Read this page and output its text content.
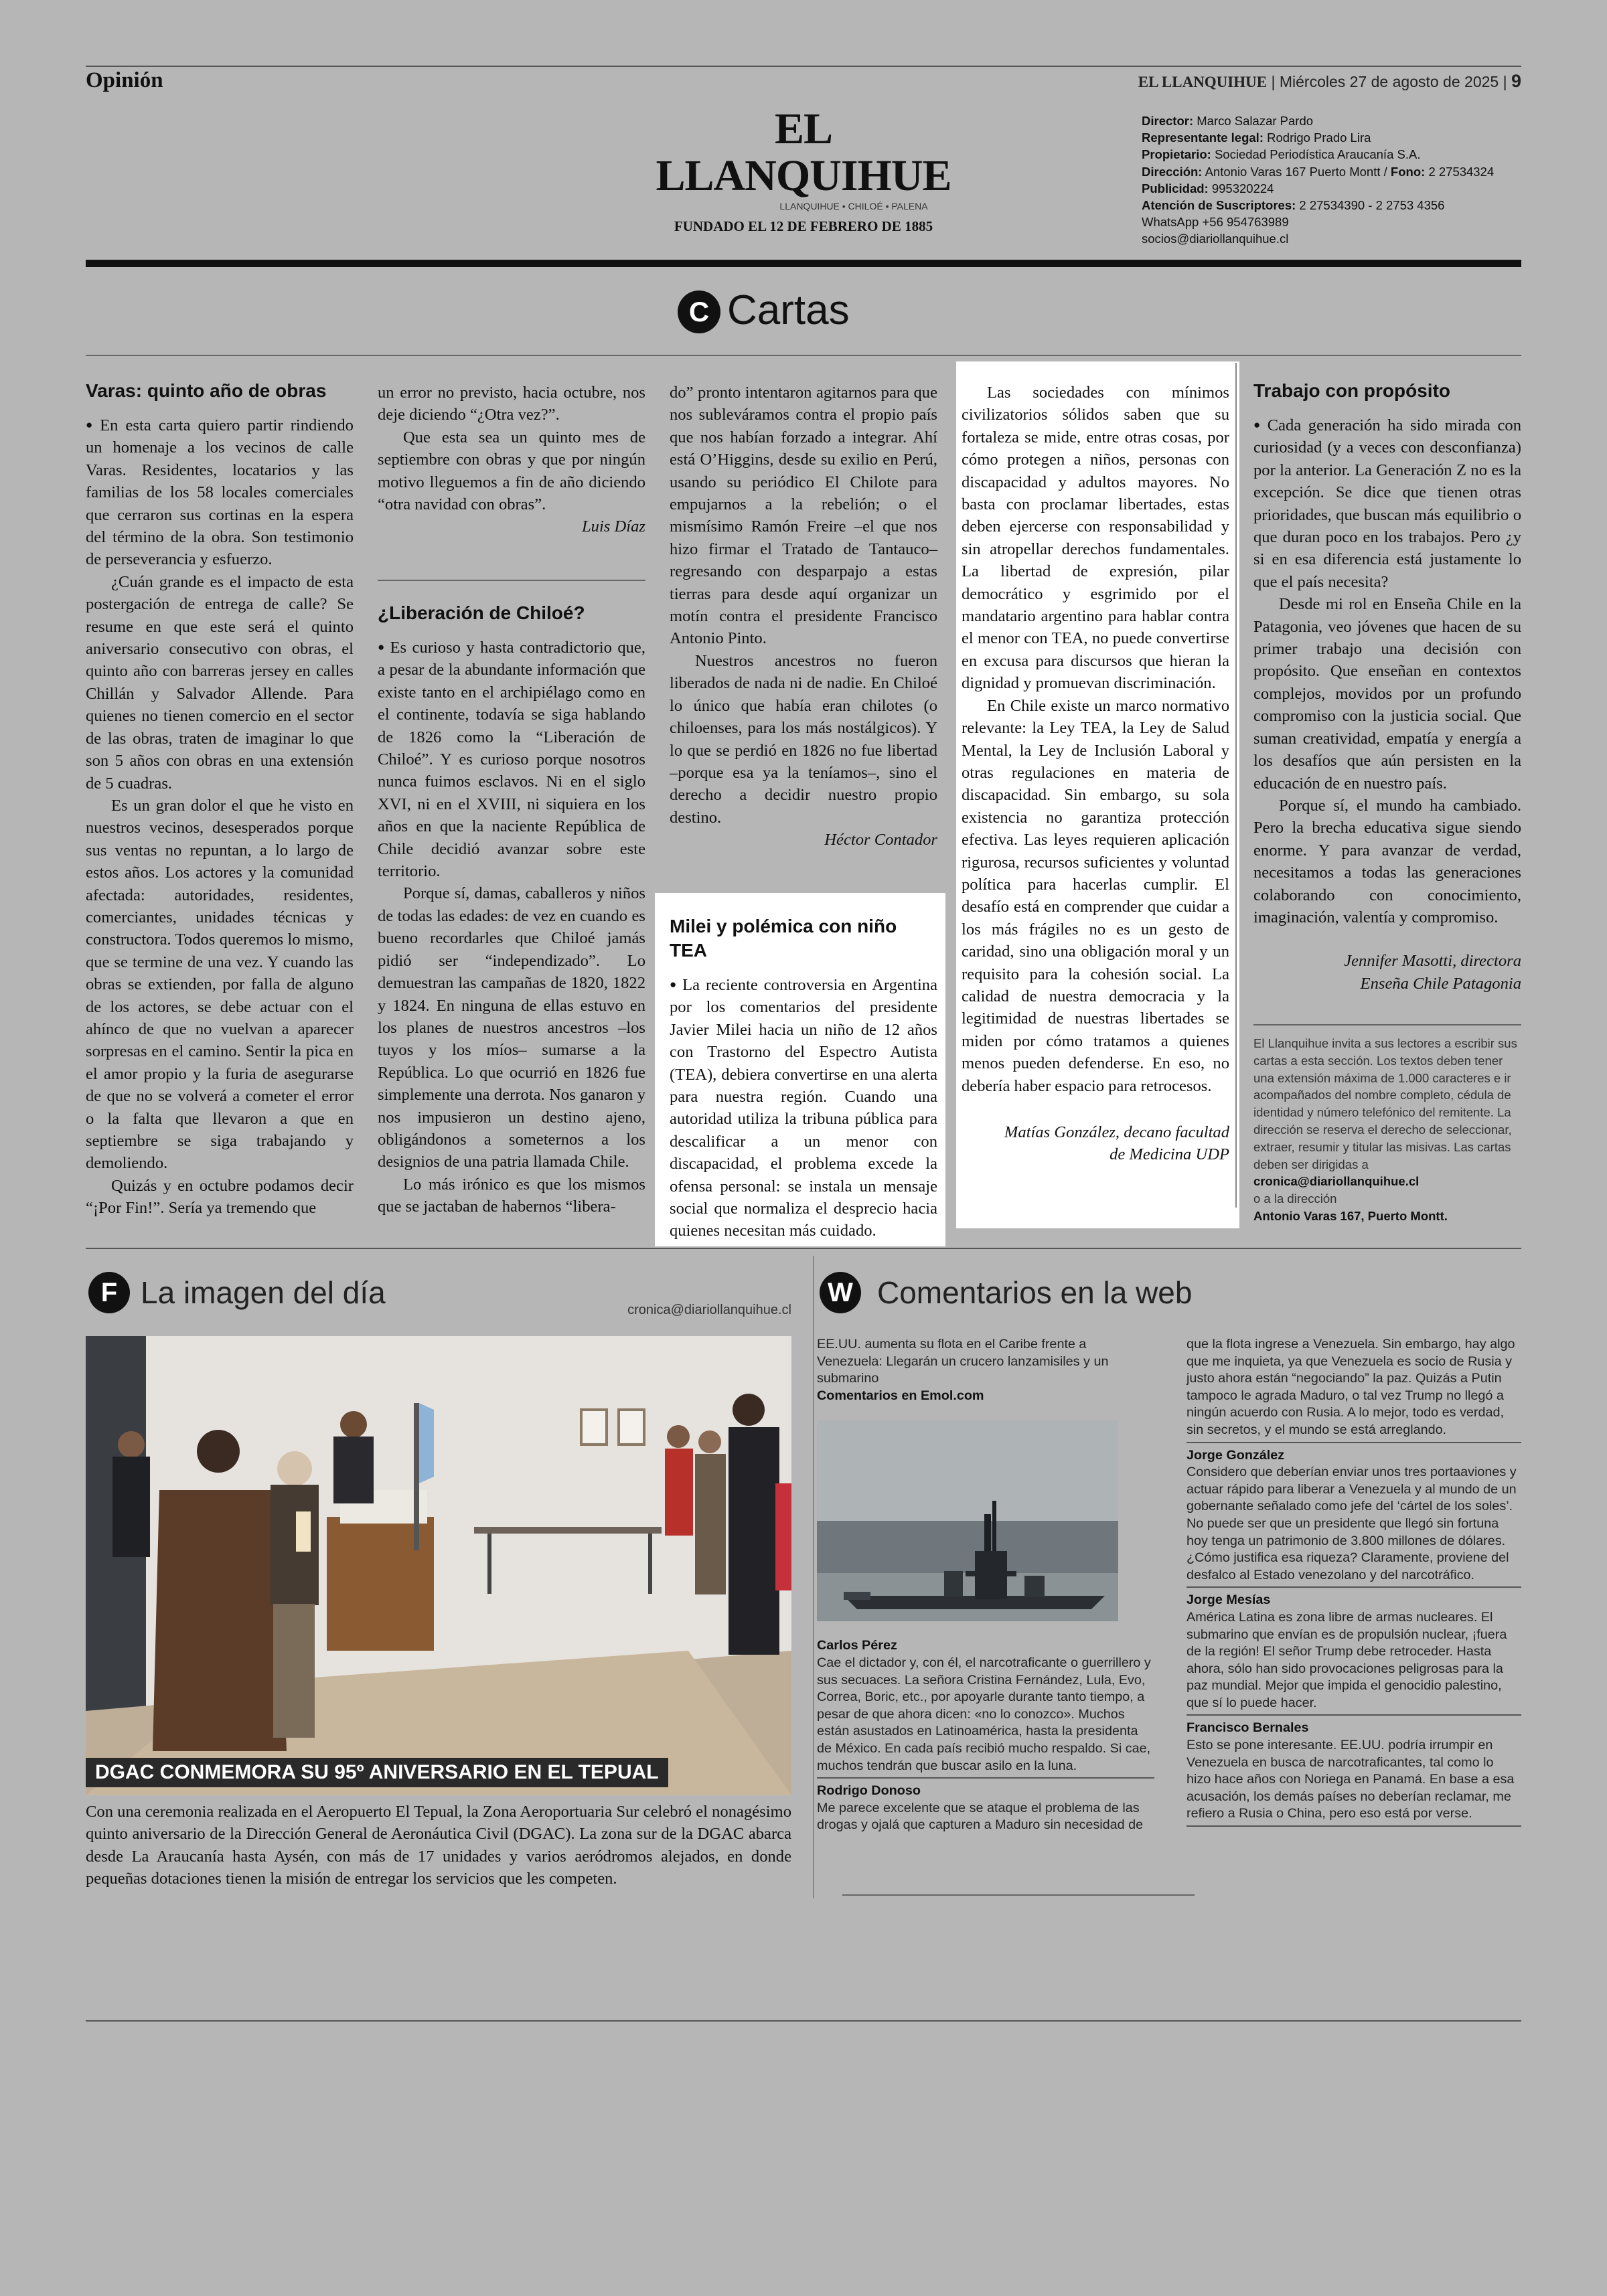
Opinión	EL LLANQUIHUE | Miércoles 27 de agosto de 2025 | 9
EL LLANQUIHUE
LLANQUIHUE • CHILOÉ • PALENA
FUNDADO EL 12 DE FEBRERO DE 1885
Director: Marco Salazar Pardo
Representante legal: Rodrigo Prado Lira
Propietario: Sociedad Periodística Araucanía S.A.
Dirección: Antonio Varas 167 Puerto Montt / Fono: 2 27534324
Publicidad: 995320224
Atención de Suscriptores: 2 27534390 - 2 2753 4356
WhatsApp +56 954763989
socios@diariollanquihue.cl
C Cartas
Varas: quinto año de obras

● En esta carta quiero partir rindiendo un homenaje a los vecinos de calle Varas. Residentes, locatarios y las familias de los 58 locales comerciales que cerraron sus cortinas en la espera del término de la obra. Son testimonio de perseverancia y esfuerzo.

¿Cuán grande es el impacto de esta postergación de entrega de calle? Se resume en que este será el quinto aniversario consecutivo con obras, el quinto año con barreras jersey en calles Chillán y Salvador Allende. Para quienes no tienen comercio en el sector de las obras, traten de imaginar lo que son 5 años con obras en una extensión de 5 cuadras.

Es un gran dolor el que he visto en nuestros vecinos, desesperados porque sus ventas no repuntan, a lo largo de estos años. Los actores y la comunidad afectada: autoridades, residentes, comerciantes, unidades técnicas y constructora. Todos queremos lo mismo, que se termine de una vez. Y cuando las obras se extienden, por falla de alguno de los actores, se debe actuar con el ahínco de que no vuelvan a aparecer sorpresas en el camino. Sentir la pica en el amor propio y la furia de asegurarse de que no se volverá a cometer el error o la falta que llevaron a que en septiembre se siga trabajando y demoliendo.

Quizás y en octubre podamos decir “¡Por Fin!”. Sería ya tremendo que

un error no previsto, hacia octubre, nos deje diciendo “¿Otra vez?”.

Que esta sea un quinto mes de septiembre con obras y que por ningún motivo lleguemos a fin de año diciendo “otra navidad con obras”.

Luis Díaz

¿Liberación de Chiloé?

● Es curioso y hasta contradictorio que, a pesar de la abundante información que existe tanto en el archipiélago como en el continente, todavía se siga hablando de 1826 como la “Liberación de Chiloé”. Y es curioso porque nosotros nunca fuimos esclavos. Ni en el siglo XVI, ni en el XVIII, ni siquiera en los años en que la naciente República de Chile decidió avanzar sobre este territorio.

Porque sí, damas, caballeros y niños de todas las edades: de vez en cuando es bueno recordarles que Chiloé jamás pidió ser “independizado”. Lo demuestran las campañas de 1820, 1822 y 1824. En ninguna de ellas estuvo en los planes de nuestros ancestros –los tuyos y los míos– sumarse a la República. Lo que ocurrió en 1826 fue simplemente una derrota. Nos ganaron y nos impusieron un destino ajeno, obligándonos a someternos a los designios de una patria llamada Chile.

Lo más irónico es que los mismos que se jactaban de habernos “libera-

do” pronto intentaron agitarnos para que nos subleváramos contra el propio país que nos habían forzado a integrar. Ahí está O’Higgins, desde su exilio en Perú, usando su periódico El Chilote para empujarnos a la rebelión; o el mismísimo Ramón Freire –el que nos hizo firmar el Tratado de Tantauco– regresando con desparpajo a estas tierras para desde aquí organizar un motín contra el presidente Francisco Antonio Pinto.

Nuestros ancestros no fueron liberados de nada ni de nadie. En Chiloé lo único que había eran chilotes (o chiloenses, para los más nostálgicos). Y lo que se perdió en 1826 no fue libertad –porque esa ya la teníamos–, sino el derecho a decidir nuestro propio destino.

Héctor Contador

Milei y polémica con niño TEA

● La reciente controversia en Argentina por los comentarios del presidente Javier Milei hacia un niño de 12 años con Trastorno del Espectro Autista (TEA), debiera convertirse en una alerta para nuestra región. Cuando una autoridad utiliza la tribuna pública para descalificar a un menor con discapacidad, el problema excede la ofensa personal: se instala un mensaje social que normaliza el desprecio hacia quienes necesitan más cuidado.

Las sociedades con mínimos civilizatorios sólidos saben que su fortaleza se mide, entre otras cosas, por cómo protegen a niños, personas con discapacidad y adultos mayores. No basta con proclamar libertades, estas deben ejercerse con responsabilidad y sin atropellar derechos fundamentales. La libertad de expresión, pilar democrático y esgrimido por el mandatario argentino para hablar contra el menor con TEA, no puede convertirse en excusa para discursos que hieran la dignidad y promuevan discriminación.

En Chile existe un marco normativo relevante: la Ley TEA, la Ley de Salud Mental, la Ley de Inclusión Laboral y otras regulaciones en materia de discapacidad. Sin embargo, su sola existencia no garantiza protección efectiva. Las leyes requieren aplicación rigurosa, recursos suficientes y voluntad política para hacerlas cumplir. El desafío está en comprender que cuidar a los más frágiles no es un gesto de caridad, sino una obligación moral y un requisito para la cohesión social. La calidad de nuestra democracia y la legitimidad de nuestras libertades se miden por cómo tratamos a quienes menos pueden defenderse. En eso, no debería haber espacio para retrocesos.

Matías González, decano facultad
de Medicina UDP

Trabajo con propósito

● Cada generación ha sido mirada con curiosidad (y a veces con desconfianza) por la anterior. La Generación Z no es la excepción. Se dice que tienen otras prioridades, que buscan más equilibrio o que duran poco en los trabajos. Pero ¿y si en esa diferencia está justamente lo que el país necesita?

Desde mi rol en Enseña Chile en la Patagonia, veo jóvenes que hacen de su primer trabajo una decisión con propósito. Que enseñan en contextos complejos, movidos por un profundo compromiso con la justicia social. Que suman creatividad, empatía y energía a los desafíos que aún persisten en la educación de en nuestro país.

Porque sí, el mundo ha cambiado. Pero la brecha educativa sigue siendo enorme. Y para avanzar de verdad, necesitamos a todas las generaciones colaborando con conocimiento, imaginación, valentía y compromiso.

Jennifer Masotti, directora
Enseña Chile Patagonia

El Llanquihue invita a sus lectores a escribir sus cartas a esta sección. Los textos deben tener una extensión máxima de 1.000 caracteres e ir acompañados del nombre completo, cédula de identidad y número telefónico del remitente. La dirección se reserva el derecho de seleccionar, extraer, resumir y titular las misivas. Las cartas deben ser dirigidas a
cronica@diariollanquihue.cl
o a la dirección
Antonio Varas 167, Puerto Montt.
F La imagen del día	cronica@diariollanquihue.cl
DGAC CONMEMORA SU 95º ANIVERSARIO EN EL TEPUAL
Con una ceremonia realizada en el Aeropuerto El Tepual, la Zona Aeroportuaria Sur celebró el nonagésimo quinto aniversario de la Dirección General de Aeronáutica Civil (DGAC). La zona sur de la DGAC abarca desde La Araucanía hasta Aysén, con más de 17 unidades y varios aeródromos alejados, en donde pequeñas dotaciones tienen la misión de entregar los servicios que les competen.
W Comentarios en la web
EE.UU. aumenta su flota en el Caribe frente a Venezuela: Llegarán un crucero lanzamisiles y un submarino
Comentarios en Emol.com
Carlos Pérez
Cae el dictador y, con él, el narcotraficante o guerrillero y sus secuaces. La señora Cristina Fernández, Lula, Evo, Correa, Boric, etc., por apoyarle durante tanto tiempo, a pesar de que ahora dicen: «no lo conozco». Muchos están asustados en Latinoamérica, hasta la presidenta de México. En cada país recibió mucho respaldo. Si cae, muchos tendrán que buscar asilo en la luna.
Rodrigo Donoso
Me parece excelente que se ataque el problema de las drogas y ojalá que capturen a Maduro sin necesidad de
que la flota ingrese a Venezuela. Sin embargo, hay algo que me inquieta, ya que Venezuela es socio de Rusia y justo ahora están “negociando” la paz. Quizás a Putin tampoco le agrada Maduro, o tal vez Trump no llegó a ningún acuerdo con Rusia. A lo mejor, todo es verdad, sin secretos, y el mundo se está arreglando.
Jorge González
Considero que deberían enviar unos tres portaaviones y actuar rápido para liberar a Venezuela y al mundo de un gobernante señalado como jefe del ‘cártel de los soles’. No puede ser que un presidente que llegó sin fortuna hoy tenga un patrimonio de 3.800 millones de dólares. ¿Cómo justifica esa riqueza? Claramente, proviene del desfalco al Estado venezolano y del narcotráfico.
Jorge Mesías
América Latina es zona libre de armas nucleares. El submarino que envían es de propulsión nuclear, ¡fuera de la región! El señor Trump debe retroceder. Hasta ahora, sólo han sido provocaciones peligrosas para la paz mundial. Mejor que impida el genocidio palestino, que sí lo puede hacer.
Francisco Bernales
Esto se pone interesante. EE.UU. podría irrumpir en Venezuela en busca de narcotraficantes, tal como lo hizo hace años con Noriega en Panamá. En base a esa acusación, los demás países no deberían reclamar, me refiero a Rusia o China, pero eso está por verse.
